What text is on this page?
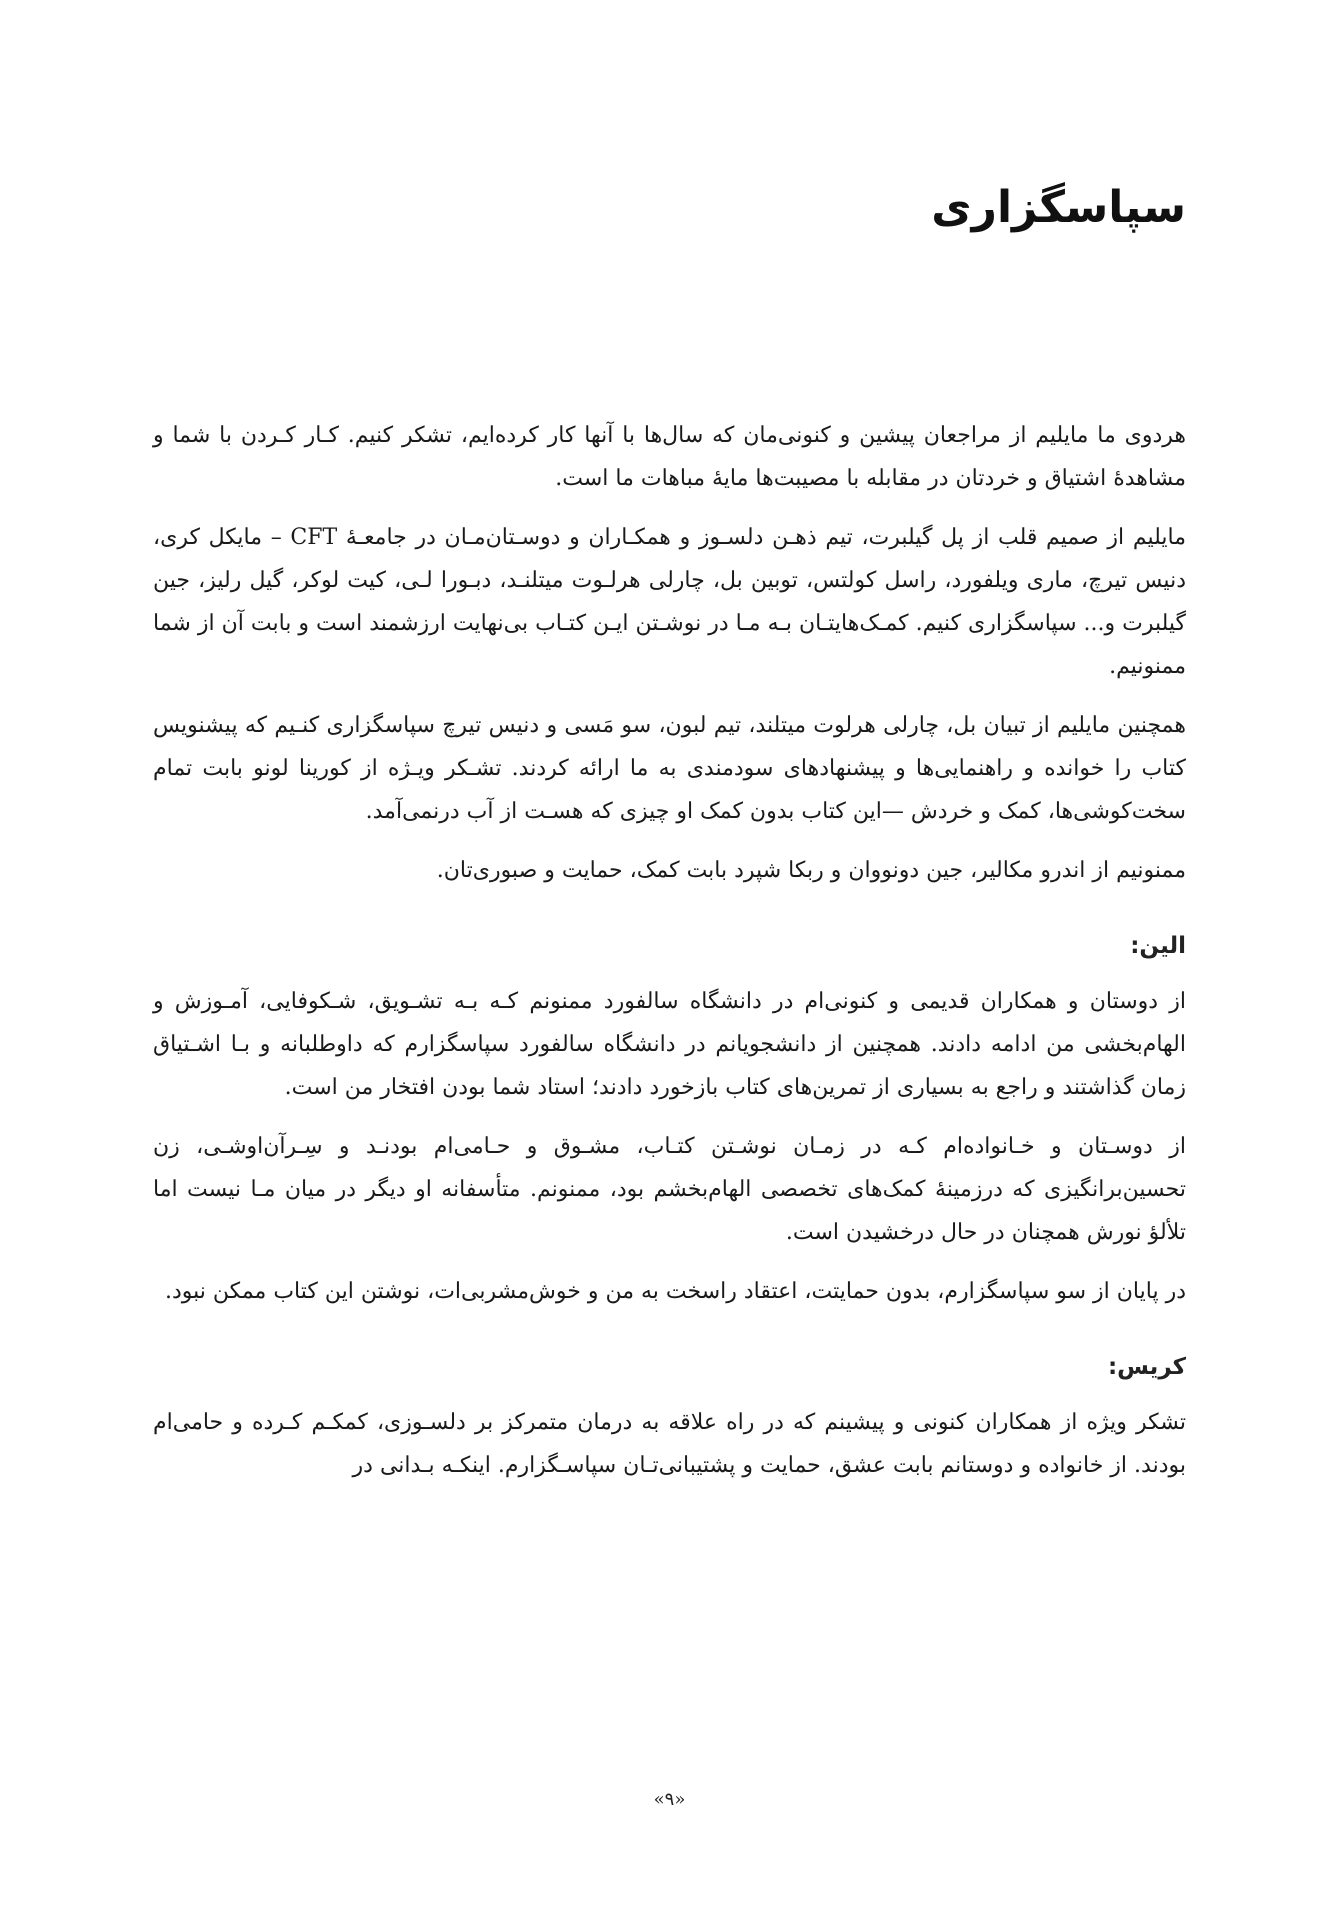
سپاسگزاری

هردوی ما مایلیم از مراجعان پیشین و کنونی‌مان که سال‌ها با آنها کار کرده‌ایم، تشکر کنیم. کـار کـردن با شما و مشاهدهٔ اشتیاق و خردتان در مقابله با مصیبت‌ها مایهٔ مباهات ما است.

مایلیم از صمیم قلب از پل گیلبرت، تیم ذهـن دلسـوز و همکـاران و دوسـتان‌مـان در جامعـهٔ CFT – مایکل کری، دنیس تیرچ، ماری ویلفورد، راسل کولتس، توبین بل، چارلی هرلـوت میتلنـد، دبـورا لـی، کیت لوکر، گیل رلیز، جین گیلبرت و... سپاسگزاری کنیم. کمـک‌هایتـان بـه مـا در نوشـتن ایـن کتـاب بی‌نهایت ارزشمند است و بابت آن از شما ممنونیم.

همچنین مایلیم از تبیان بل، چارلی هرلوت میتلند، تیم لبون، سو مَسی و دنیس تیرچ سپاسگزاری کنـیم که پیشنویس کتاب را خوانده و راهنمایی‌ها و پیشنهادهای سودمندی به ما ارائه کردند. تشـکر ویـژه از کورینا لونو بابت تمام سخت‌کوشی‌ها، کمک و خردش —این کتاب بدون کمک او چیزی که هسـت از آب درنمی‌آمد.

ممنونیم از اندرو مکالیر، جین دونووان و ربکا شپرد بابت کمک، حمایت و صبوری‌تان.

الین:

از دوستان و همکاران قدیمی و کنونی‌ام در دانشگاه سالفورد ممنونم کـه بـه تشـویق، شـکوفایی، آمـوزش و الهام‌بخشی من ادامه دادند. همچنین از دانشجویانم در دانشگاه سالفورد سپاسگزارم که داوطلبانه و بـا اشـتیاق زمان گذاشتند و راجع به بسیاری از تمرین‌های کتاب بازخورد دادند؛ استاد شما بودن افتخار من است.

از دوسـتان و خـانواده‌ام کـه در زمـان نوشـتن کتـاب، مشـوق و حـامی‌ام بودنـد و سِـرآن‌اوشـی، زن تحسین‌برانگیزی که درزمینهٔ کمک‌های تخصصی الهام‌بخشم بود، ممنونم. متأسفانه او دیگر در میان مـا نیست اما تلألؤ نورش همچنان در حال درخشیدن است.

در پایان از سو سپاسگزارم، بدون حمایتت، اعتقاد راسخت به من و خوش‌مشربی‌ات، نوشتن این کتاب ممکن نبود.

کریس:

تشکر ویژه از همکاران کنونی و پیشینم که در راه علاقه به درمان متمرکز بر دلسـوزی، کمکـم کـرده و حامی‌ام بودند. از خانواده و دوستانم بابت عشق، حمایت و پشتیبانی‌تـان سپاسـگزارم. اینکـه بـدانی در

«۹»
